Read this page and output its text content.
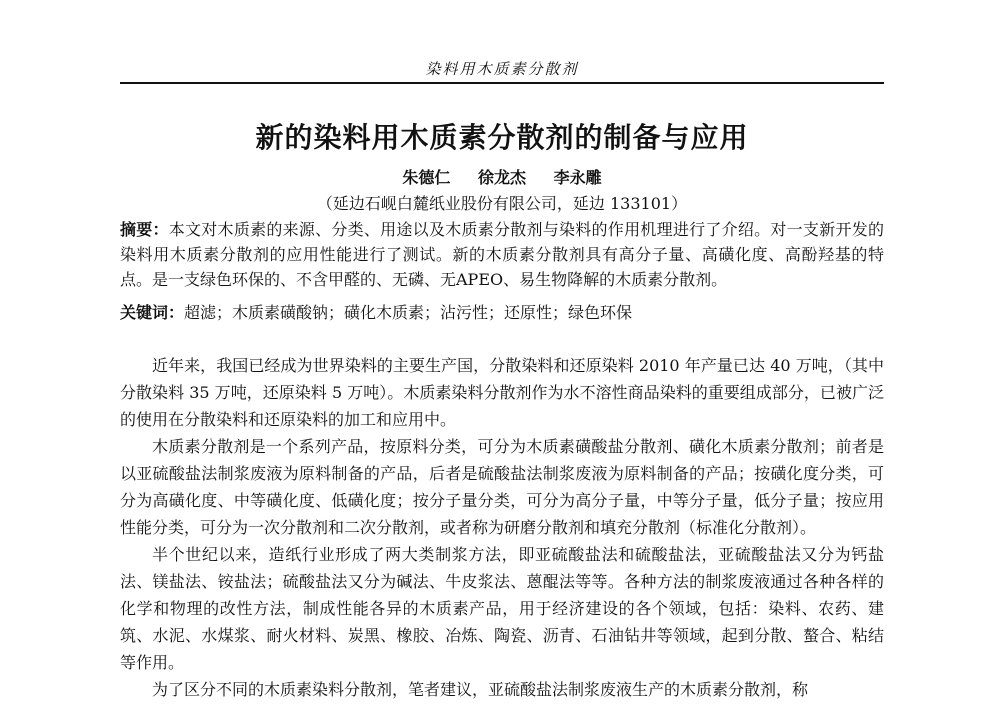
染料用木质素分散剂
新的染料用木质素分散剂的制备与应用
朱德仁 徐龙杰 李永雕
（延边石岘白麓纸业股份有限公司，延边 133101）
摘要：本文对木质素的来源、分类、用途以及木质素分散剂与染料的作用机理进行了介绍。对一支新开发的染料用木质素分散剂的应用性能进行了测试。新的木质素分散剂具有高分子量、高磺化度、高酚羟基的特点。是一支绿色环保的、不含甲醛的、无磷、无APEO、易生物降解的木质素分散剂。
关键词：超滤；木质素磺酸钠；磺化木质素；沾污性；还原性；绿色环保

近年来，我国已经成为世界染料的主要生产国，分散染料和还原染料 2010 年产量已达 40 万吨，（其中分散染料 35 万吨，还原染料 5 万吨）。木质素染料分散剂作为水不溶性商品染料的重要组成部分，已被广泛的使用在分散染料和还原染料的加工和应用中。

木质素分散剂是一个系列产品，按原料分类，可分为木质素磺酸盐分散剂、磺化木质素分散剂；前者是以亚硫酸盐法制浆废液为原料制备的产品，后者是硫酸盐法制浆废液为原料制备的产品；按磺化度分类，可分为高磺化度、中等磺化度、低磺化度；按分子量分类，可分为高分子量，中等分子量，低分子量；按应用性能分类，可分为一次分散剂和二次分散剂，或者称为研磨分散剂和填充分散剂（标准化分散剂）。

半个世纪以来，造纸行业形成了两大类制浆方法，即亚硫酸盐法和硫酸盐法，亚硫酸盐法又分为钙盐法、镁盐法、铵盐法；硫酸盐法又分为碱法、牛皮浆法、蒽醌法等等。各种方法的制浆废液通过各种各样的化学和物理的改性方法，制成性能各异的木质素产品，用于经济建设的各个领域，包括：染料、农药、建筑、水泥、水煤浆、耐火材料、炭黑、橡胶、冶炼、陶瓷、沥青、石油钻井等领域，起到分散、螯合、粘结等作用。

为了区分不同的木质素染料分散剂，笔者建议，亚硫酸盐法制浆废液生产的木质素分散剂，称
